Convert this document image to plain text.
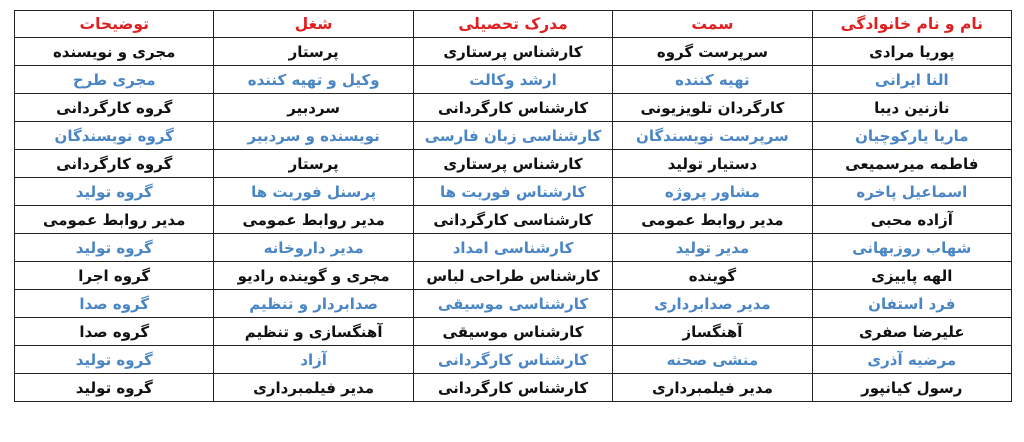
نام و نام خانوادگی	سمت	مدرک تحصیلی	شغل	توضیحات
پوریا مرادی	سرپرست گروه	کارشناس پرستاری	پرستار	مجری و نویسنده
النا ایرانی	تهیه کننده	ارشد وکالت	وکیل و تهیه کننده	مجری طرح
نازنین دیبا	کارگردان تلویزیونی	کارشناس کارگردانی	سردبیر	گروه کارگردانی
ماریا یارکوچیان	سرپرست نویسندگان	کارشناسی زبان فارسی	نویسنده و سردبیر	گروه نویسندگان
فاطمه میرسمیعی	دستیار تولید	کارشناس پرستاری	پرستار	گروه کارگردانی
اسماعیل پاخره	مشاور پروژه	کارشناس فوریت ها	پرسنل فوریت ها	گروه تولید
آزاده محبی	مدیر روابط عمومی	کارشناسی کارگردانی	مدیر روابط عمومی	مدیر روابط عمومی
شهاب روزبهانی	مدیر تولید	کارشناسی امداد	مدیر داروخانه	گروه تولید
الهه پاییزی	گوینده	کارشناس طراحی لباس	مجری و گوینده رادیو	گروه اجرا
فرد استفان	مدیر صدابرداری	کارشناسی موسیقی	صدابردار و تنظیم	گروه صدا
علیرضا صفری	آهنگساز	کارشناس موسیقی	آهنگسازی و تنظیم	گروه صدا
مرضیه آذری	منشی صحنه	کارشناس کارگردانی	آزاد	گروه تولید
رسول کیانپور	مدیر فیلمبرداری	کارشناس کارگردانی	مدیر فیلمبرداری	گروه تولید
